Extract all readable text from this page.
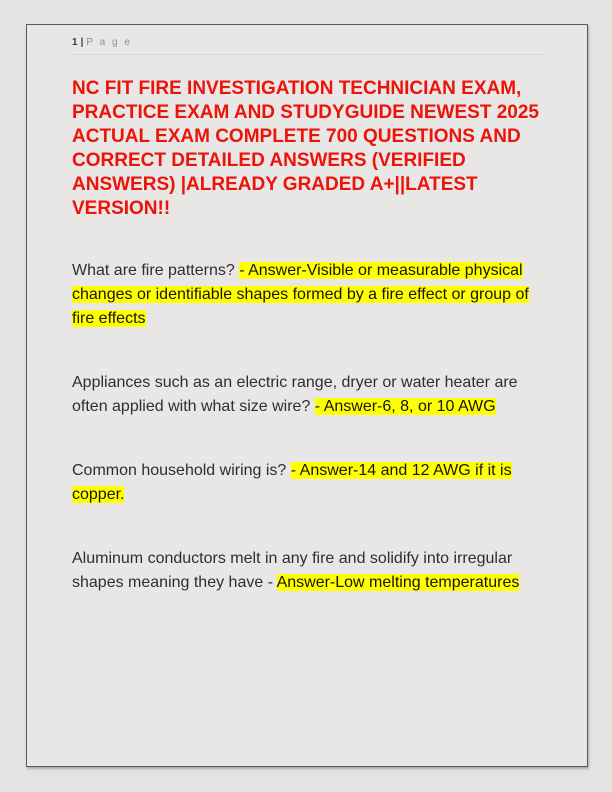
1 | P a g e
NC FIT FIRE INVESTIGATION TECHNICIAN EXAM,
PRACTICE EXAM AND STUDYGUIDE NEWEST 2025
ACTUAL EXAM COMPLETE 700 QUESTIONS AND
CORRECT DETAILED ANSWERS (VERIFIED
ANSWERS) |ALREADY GRADED A+||LATEST
VERSION!!

What are fire patterns? - Answer-Visible or measurable physical changes or identifiable shapes formed by a fire effect or group of fire effects

Appliances such as an electric range, dryer or water heater are often applied with what size wire? - Answer-6, 8, or 10 AWG

Common household wiring is? - Answer-14 and 12 AWG if it is copper.

Aluminum conductors melt in any fire and solidify into irregular shapes meaning they have - Answer-Low melting temperatures
